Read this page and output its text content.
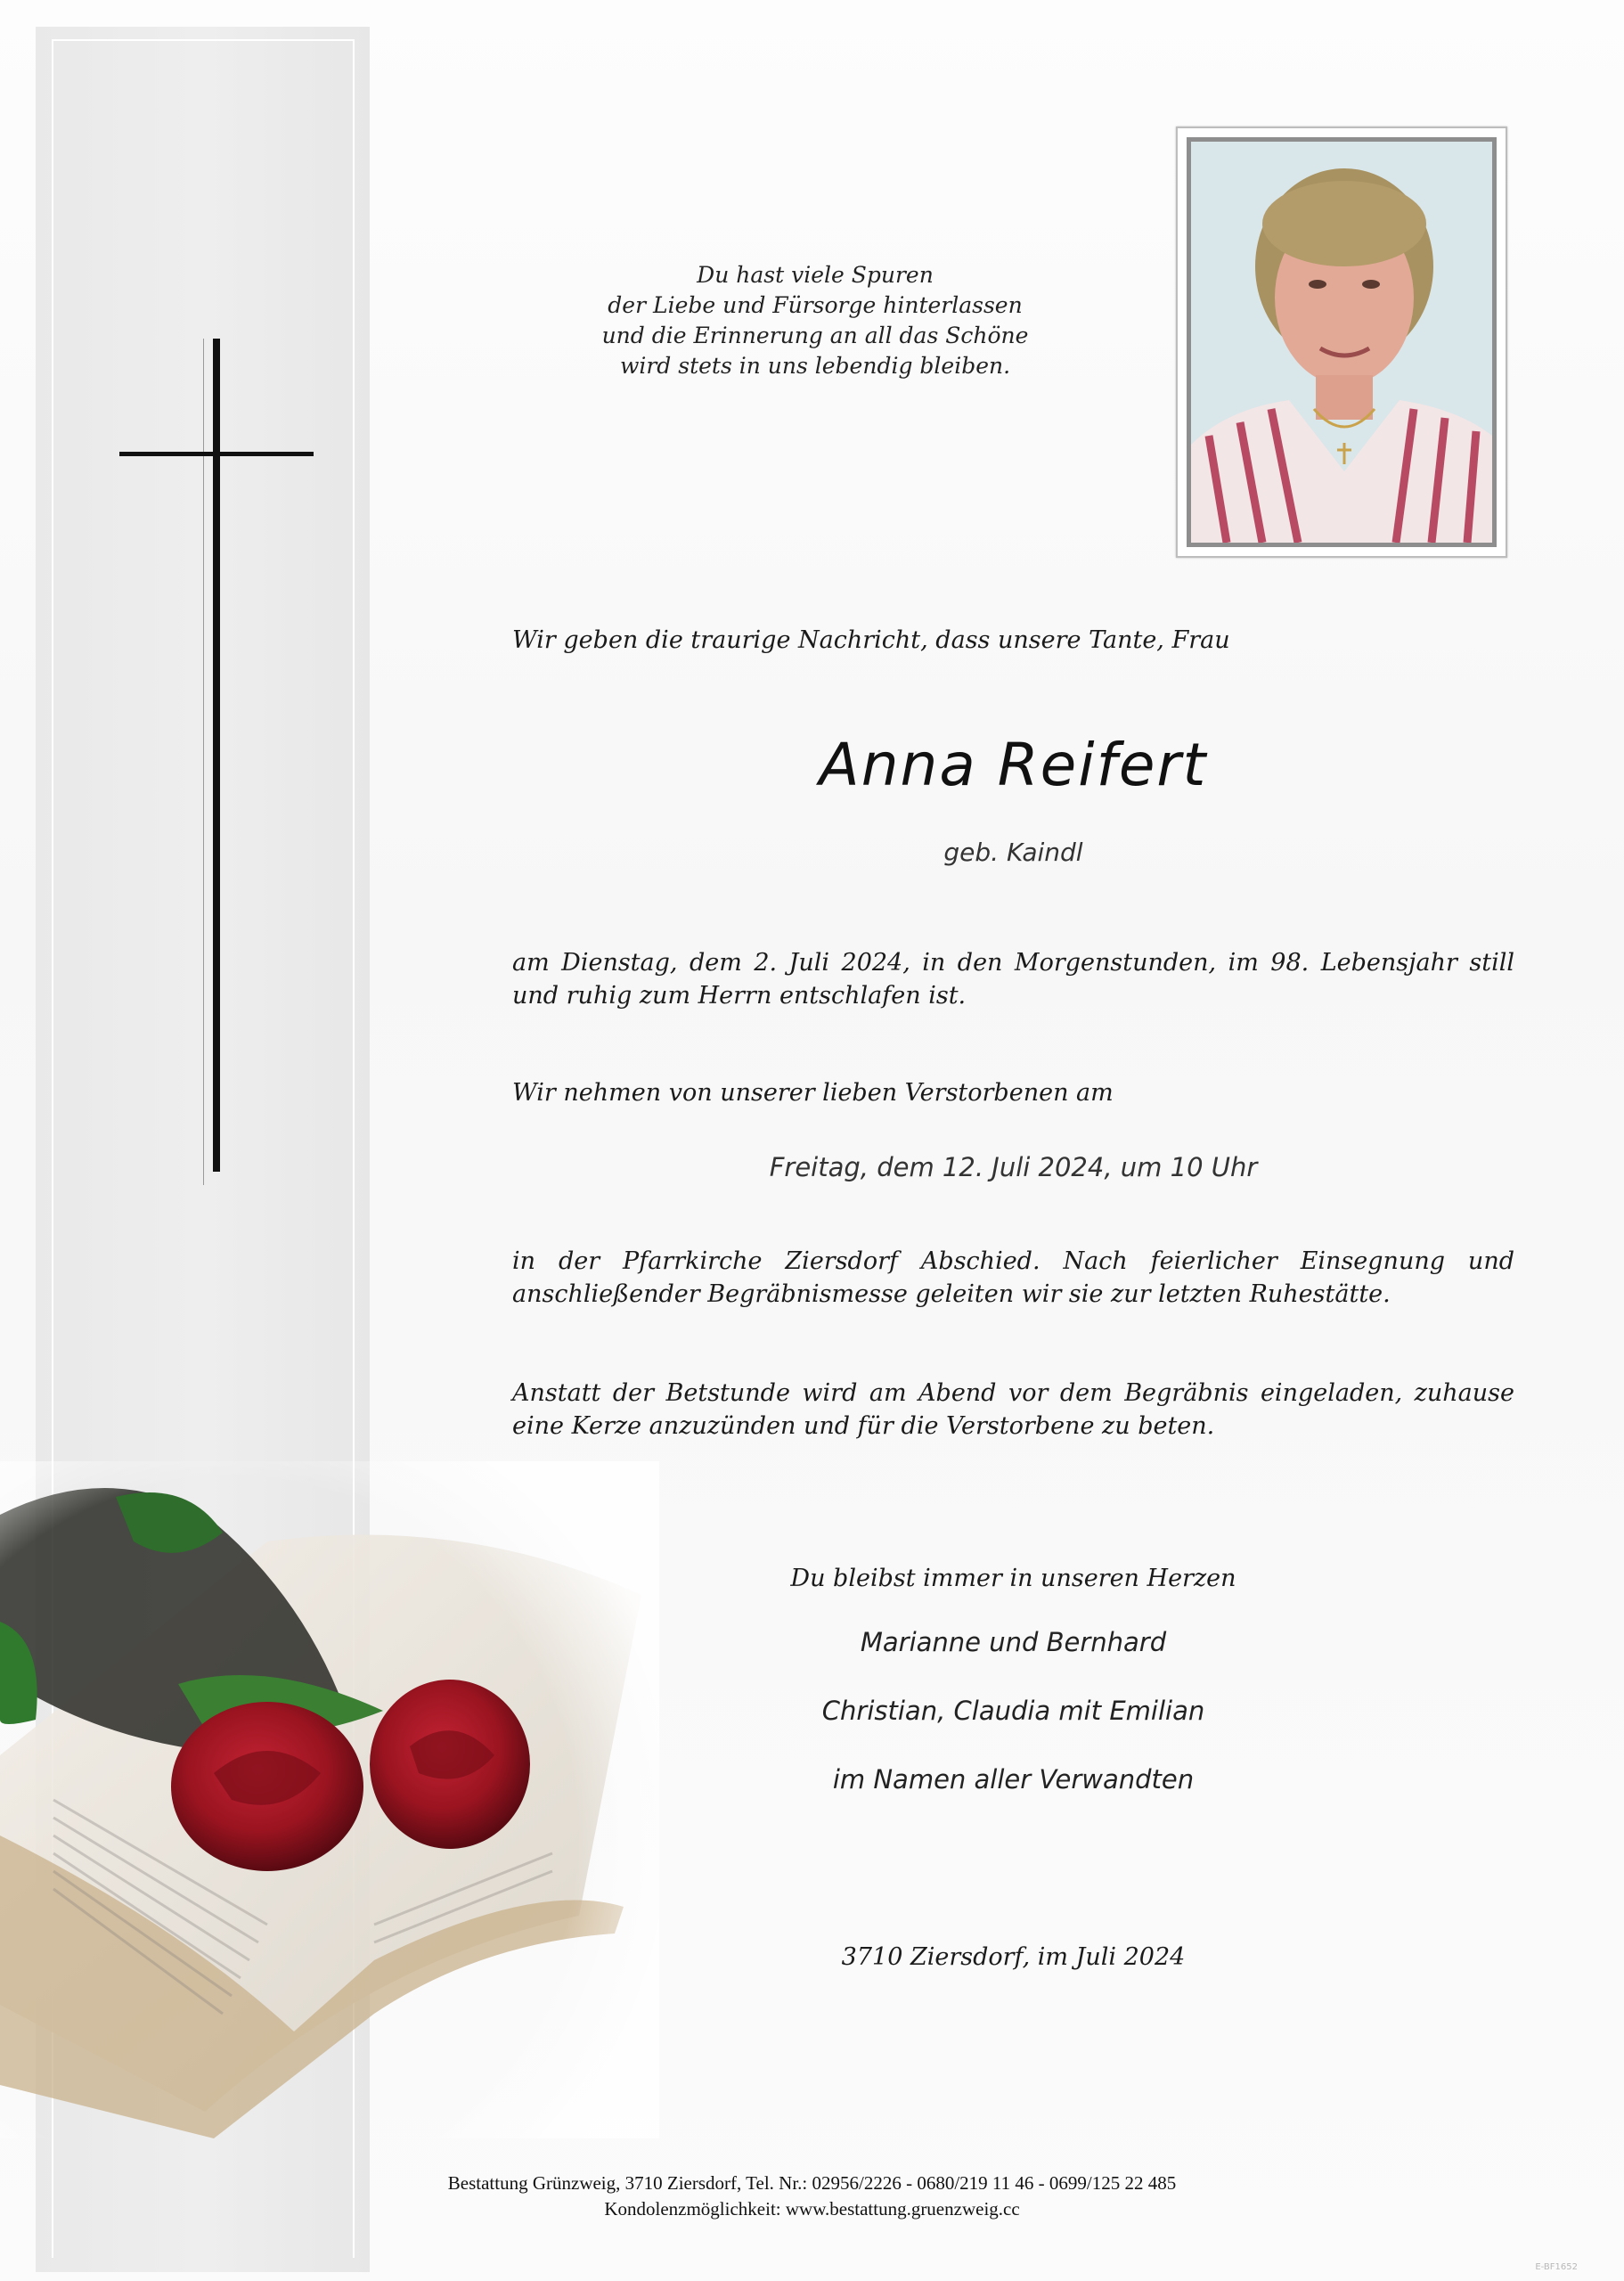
Du hast viele Spuren
der Liebe und Fürsorge hinterlassen
und die Erinnerung an all das Schöne
wird stets in uns lebendig bleiben.
Wir geben die traurige Nachricht, dass unsere Tante, Frau
Anna Reifert
geb. Kaindl
am Dienstag, dem 2. Juli 2024, in den Morgenstunden, im 98. Lebensjahr still und ruhig zum Herrn entschlafen ist.
Wir nehmen von unserer lieben Verstorbenen am
Freitag, dem 12. Juli 2024, um 10 Uhr
in der Pfarrkirche Ziersdorf Abschied. Nach feierlicher Einsegnung und anschließender Begräbnismesse geleiten wir sie zur letzten Ruhestätte.
Anstatt der Betstunde wird am Abend vor dem Begräbnis eingeladen, zuhause eine Kerze anzuzünden und für die Verstorbene zu beten.
Du bleibst immer in unseren Herzen
Marianne und Bernhard
Christian, Claudia mit Emilian
im Namen aller Verwandten
3710 Ziersdorf, im Juli 2024
Bestattung Grünzweig, 3710 Ziersdorf, Tel. Nr.: 02956/2226 - 0680/219 11 46 - 0699/125 22 485
Kondolenzmöglichkeit: www.bestattung.gruenzweig.cc
E-BF1652
